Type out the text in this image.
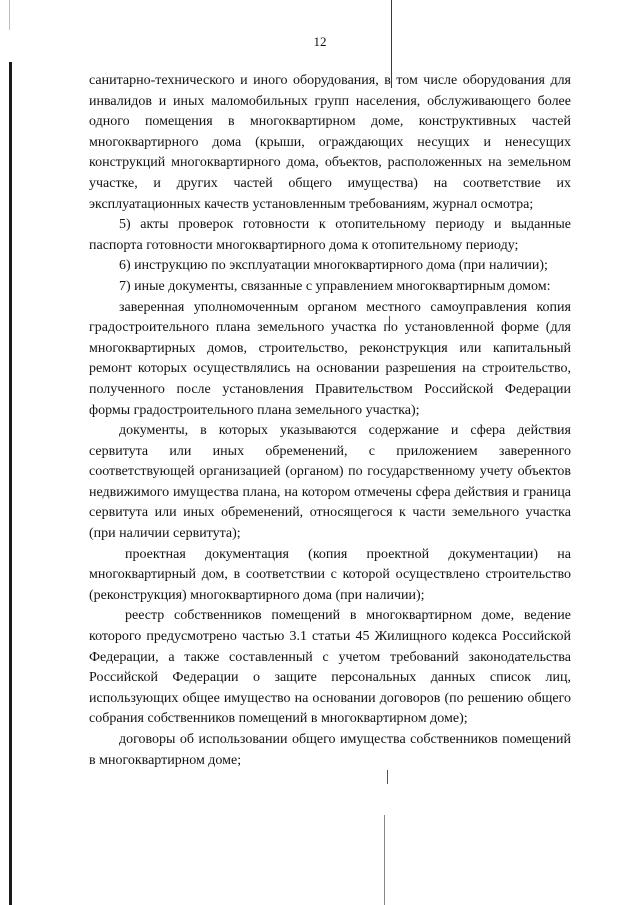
12

санитарно-технического и иного оборудования, в том числе оборудования для инвалидов и иных маломобильных групп населения, обслуживающего более одного помещения в многоквартирном доме, конструктивных частей многоквартирного дома (крыши, ограждающих несущих и ненесущих конструкций многоквартирного дома, объектов, расположенных на земельном участке, и других частей общего имущества) на соответствие их эксплуатационных качеств установленным требованиям, журнал осмотра;

5) акты проверок готовности к отопительному периоду и выданные паспорта готовности многоквартирного дома к отопительному периоду;

6) инструкцию по эксплуатации многоквартирного дома (при наличии);

7) иные документы, связанные с управлением многоквартирным домом:

заверенная уполномоченным органом местного самоуправления копия градостроительного плана земельного участка по установленной форме (для многоквартирных домов, строительство, реконструкция или капитальный ремонт которых осуществлялись на основании разрешения на строительство, полученного после установления Правительством Российской Федерации формы градостроительного плана земельного участка);

документы, в которых указываются содержание и сфера действия сервитута или иных обременений, с приложением заверенного соответствующей организацией (органом) по государственному учету объектов недвижимого имущества плана, на котором отмечены сфера действия и граница сервитута или иных обременений, относящегося к части земельного участка (при наличии сервитута);

проектная документация (копия проектной документации) на многоквартирный дом, в соответствии с которой осуществлено строительство (реконструкция) многоквартирного дома (при наличии);

реестр собственников помещений в многоквартирном доме, ведение которого предусмотрено частью 3.1 статьи 45 Жилищного кодекса Российской Федерации, а также составленный с учетом требований законодательства Российской Федерации о защите персональных данных список лиц, использующих общее имущество на основании договоров (по решению общего собрания собственников помещений в многоквартирном доме);

договоры об использовании общего имущества собственников помещений в многоквартирном доме;
